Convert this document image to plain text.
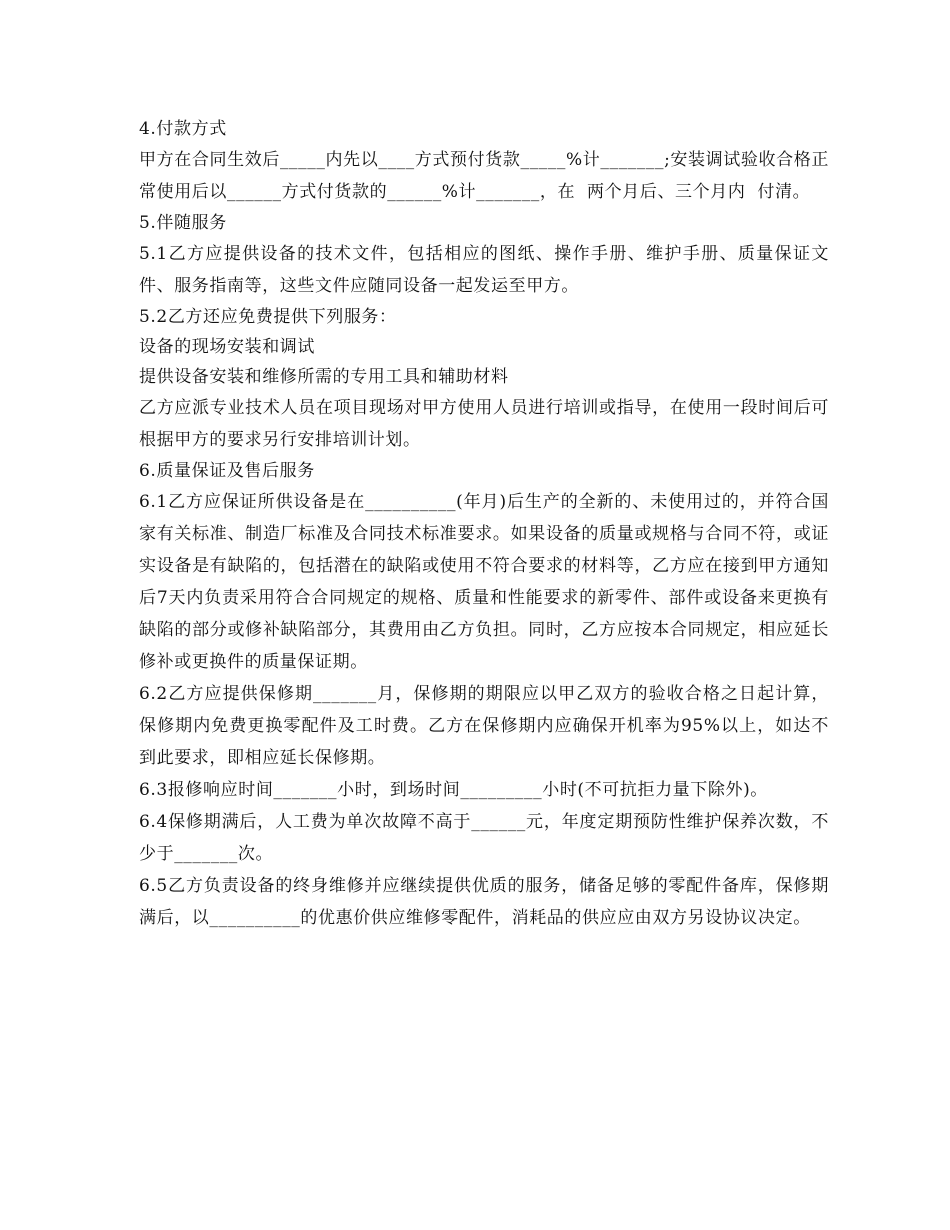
4.付款方式

甲方在合同生效后_____内先以____方式预付货款_____%计_______;安装调试验收合格正常使用后以______方式付货款的______%计_______，在  两个月后、三个月内  付清。

5.伴随服务

5.1乙方应提供设备的技术文件，包括相应的图纸、操作手册、维护手册、质量保证文件、服务指南等，这些文件应随同设备一起发运至甲方。

5.2乙方还应免费提供下列服务：

设备的现场安装和调试

提供设备安装和维修所需的专用工具和辅助材料

乙方应派专业技术人员在项目现场对甲方使用人员进行培训或指导，在使用一段时间后可根据甲方的要求另行安排培训计划。

6.质量保证及售后服务

6.1乙方应保证所供设备是在__________(年月)后生产的全新的、未使用过的，并符合国家有关标准、制造厂标准及合同技术标准要求。如果设备的质量或规格与合同不符，或证实设备是有缺陷的，包括潜在的缺陷或使用不符合要求的材料等，乙方应在接到甲方通知后7天内负责采用符合合同规定的规格、质量和性能要求的新零件、部件或设备来更换有缺陷的部分或修补缺陷部分，其费用由乙方负担。同时，乙方应按本合同规定，相应延长修补或更换件的质量保证期。

6.2乙方应提供保修期_______月，保修期的期限应以甲乙双方的验收合格之日起计算，保修期内免费更换零配件及工时费。乙方在保修期内应确保开机率为95%以上，如达不到此要求，即相应延长保修期。

6.3报修响应时间_______小时，到场时间_________小时(不可抗拒力量下除外)。

6.4保修期满后，人工费为单次故障不高于______元，年度定期预防性维护保养次数，不少于_______次。

6.5乙方负责设备的终身维修并应继续提供优质的服务，储备足够的零配件备库，保修期满后，以__________的优惠价供应维修零配件，消耗品的供应应由双方另设协议决定。
